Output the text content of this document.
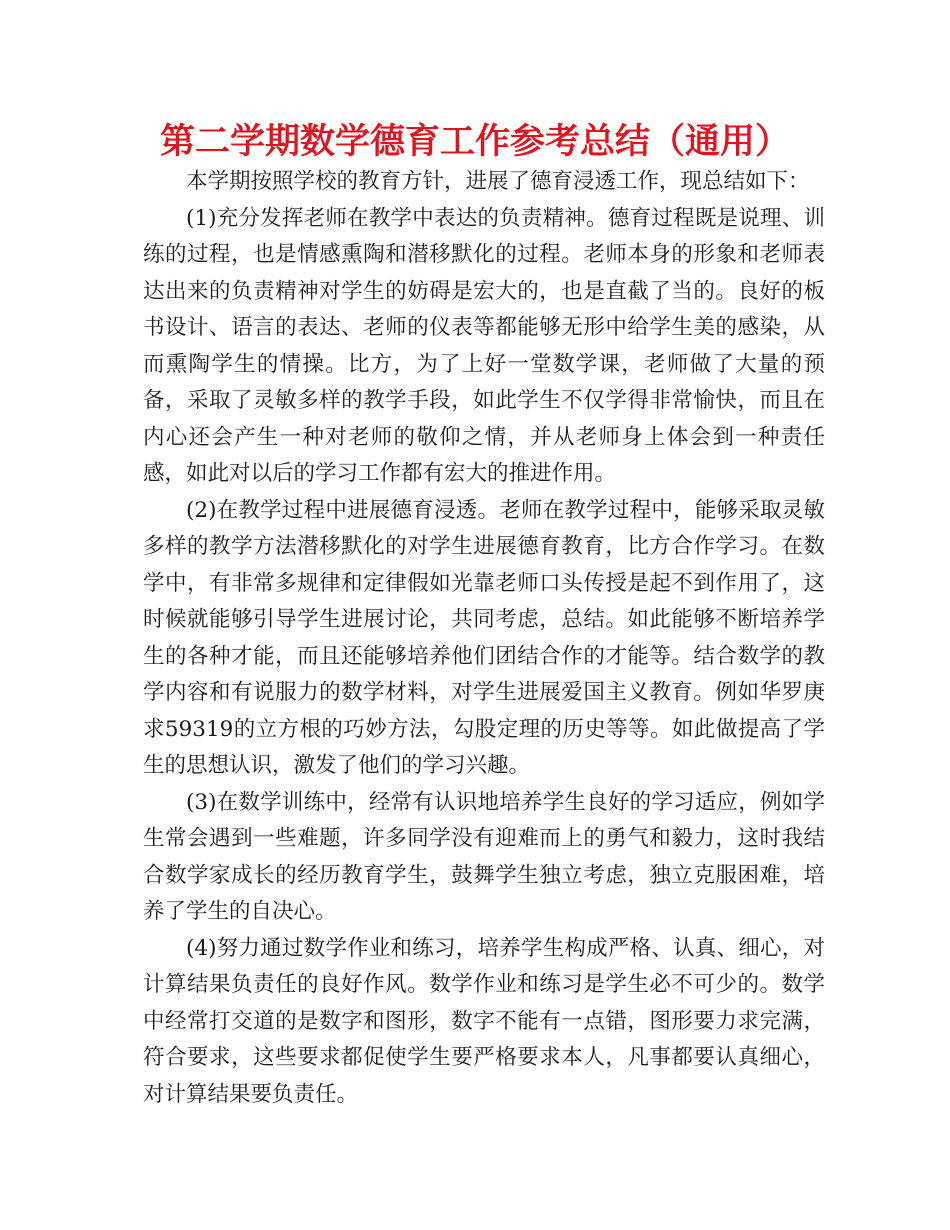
第二学期数学德育工作参考总结（通用）

本学期按照学校的教育方针，进展了德育浸透工作，现总结如下：

(1)充分发挥老师在教学中表达的负责精神。德育过程既是说理、训练的过程，也是情感熏陶和潜移默化的过程。老师本身的形象和老师表达出来的负责精神对学生的妨碍是宏大的，也是直截了当的。良好的板书设计、语言的表达、老师的仪表等都能够无形中给学生美的感染，从而熏陶学生的情操。比方，为了上好一堂数学课，老师做了大量的预备，采取了灵敏多样的教学手段，如此学生不仅学得非常愉快，而且在内心还会产生一种对老师的敬仰之情，并从老师身上体会到一种责任感，如此对以后的学习工作都有宏大的推进作用。

(2)在教学过程中进展德育浸透。老师在教学过程中，能够采取灵敏多样的教学方法潜移默化的对学生进展德育教育，比方合作学习。在数学中，有非常多规律和定律假如光靠老师口头传授是起不到作用了，这时候就能够引导学生进展讨论，共同考虑，总结。如此能够不断培养学生的各种才能，而且还能够培养他们团结合作的才能等。结合数学的教学内容和有说服力的数学材料，对学生进展爱国主义教育。例如华罗庚求59319的立方根的巧妙方法，勾股定理的历史等等。如此做提高了学生的思想认识，激发了他们的学习兴趣。

(3)在数学训练中，经常有认识地培养学生良好的学习适应，例如学生常会遇到一些难题，许多同学没有迎难而上的勇气和毅力，这时我结合数学家成长的经历教育学生，鼓舞学生独立考虑，独立克服困难，培养了学生的自决心。

(4)努力通过数学作业和练习，培养学生构成严格、认真、细心，对计算结果负责任的良好作风。数学作业和练习是学生必不可少的。数学中经常打交道的是数字和图形，数字不能有一点错，图形要力求完满，符合要求，这些要求都促使学生要严格要求本人，凡事都要认真细心，对计算结果要负责任。
